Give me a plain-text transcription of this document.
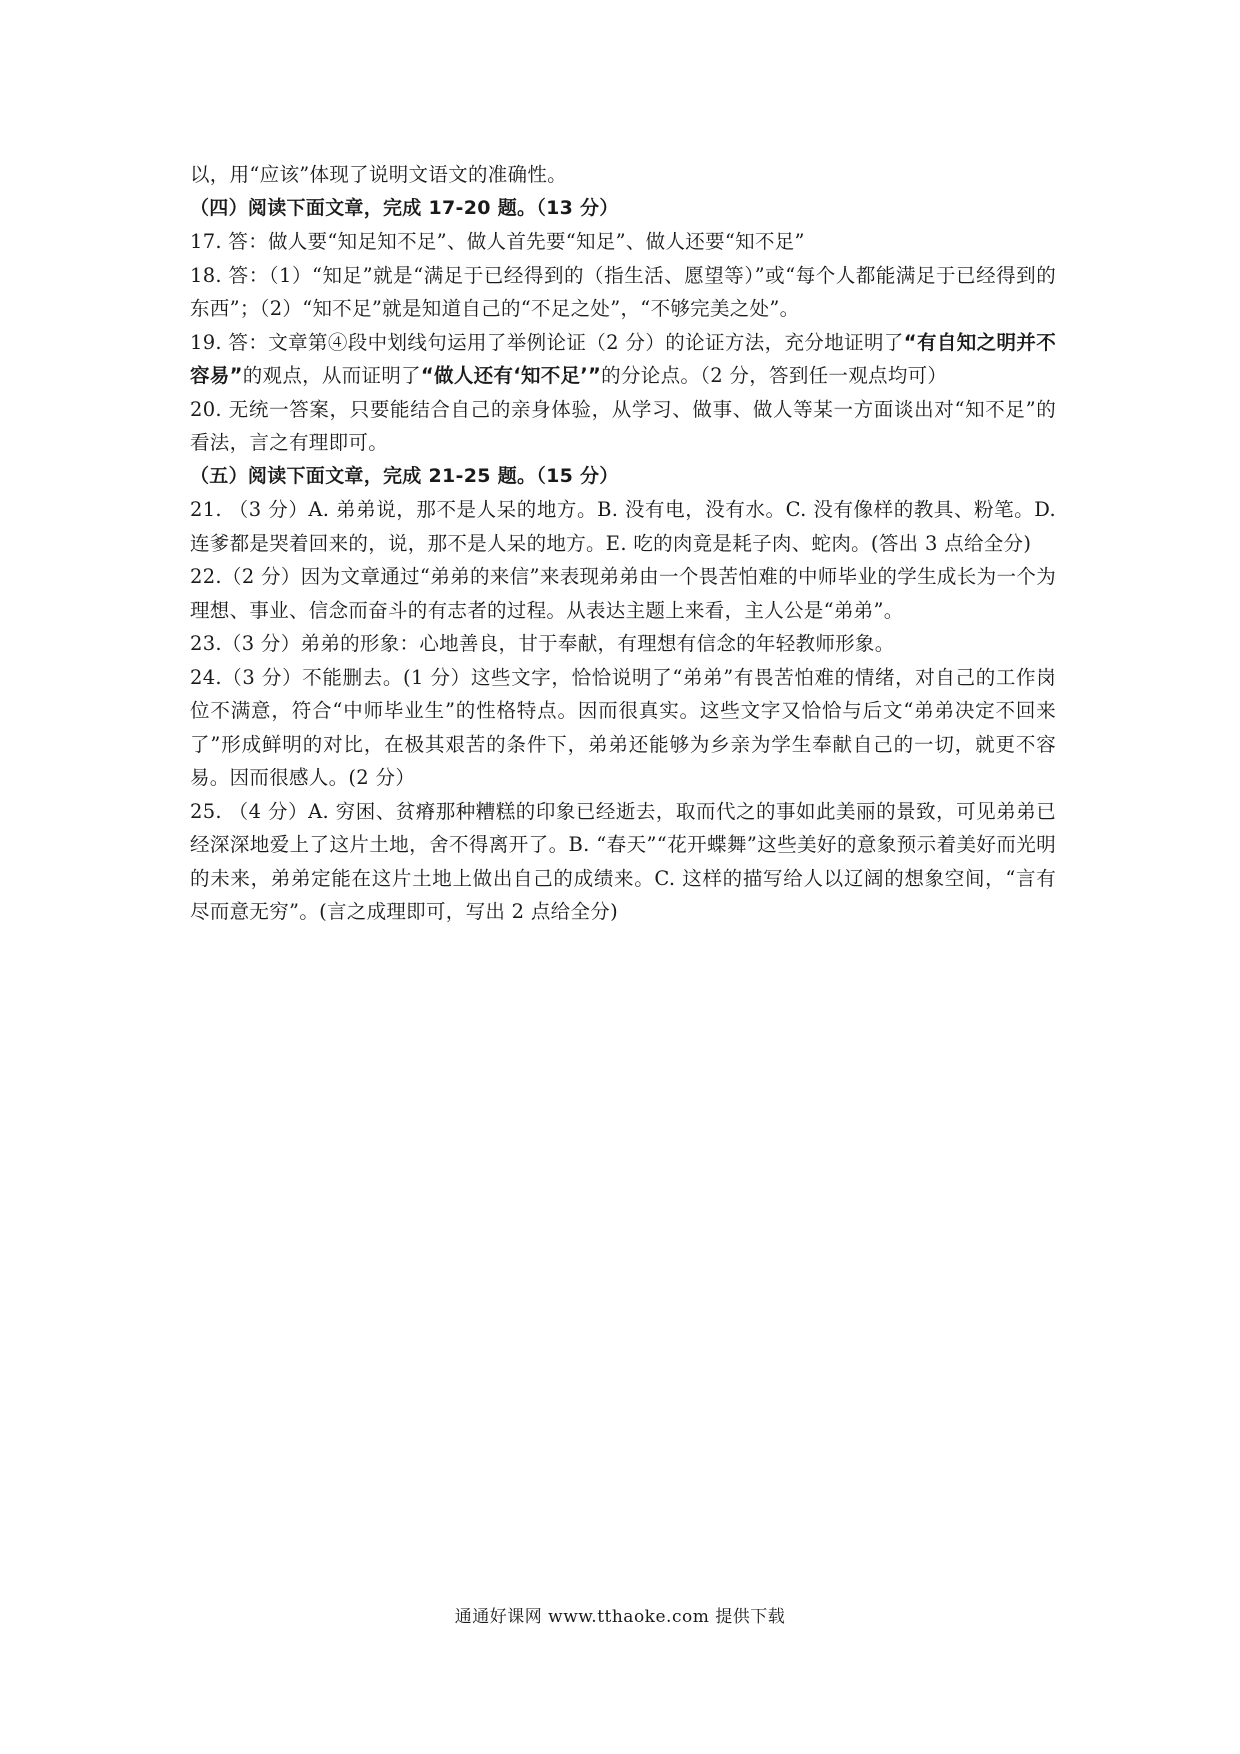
以，用“应该”体现了说明文语文的准确性。

（四）阅读下面文章，完成 17-20 题。（13 分）

17. 答：做人要“知足知不足”、做人首先要“知足”、做人还要“知不足”

18. 答：（1）“知足”就是“满足于已经得到的（指生活、愿望等）”或“每个人都能满足于已经得到的东西”；（2）“知不足”就是知道自己的“不足之处”，“不够完美之处”。

19. 答：文章第④段中划线句运用了举例论证（2 分）的论证方法，充分地证明了“有自知之明并不容易”的观点，从而证明了“做人还有‘知不足’”的分论点。（2 分，答到任一观点均可）

20. 无统一答案，只要能结合自己的亲身体验，从学习、做事、做人等某一方面谈出对“知不足”的看法，言之有理即可。

（五）阅读下面文章，完成 21-25 题。（15 分）

21. （3 分）A. 弟弟说，那不是人呆的地方。B. 没有电，没有水。C. 没有像样的教具、粉笔。D. 连爹都是哭着回来的，说，那不是人呆的地方。E. 吃的肉竟是耗子肉、蛇肉。(答出 3 点给全分)

22.（2 分）因为文章通过“弟弟的来信”来表现弟弟由一个畏苦怕难的中师毕业的学生成长为一个为理想、事业、信念而奋斗的有志者的过程。从表达主题上来看，主人公是“弟弟”。

23.（3 分）弟弟的形象：心地善良，甘于奉献，有理想有信念的年轻教师形象。

24.（3 分）不能删去。(1 分）这些文字，恰恰说明了“弟弟”有畏苦怕难的情绪，对自己的工作岗位不满意，符合“中师毕业生”的性格特点。因而很真实。这些文字又恰恰与后文“弟弟决定不回来了”形成鲜明的对比，在极其艰苦的条件下，弟弟还能够为乡亲为学生奉献自己的一切，就更不容易。因而很感人。(2 分）

25. （4 分）A. 穷困、贫瘠那种糟糕的印象已经逝去，取而代之的事如此美丽的景致，可见弟弟已经深深地爱上了这片土地，舍不得离开了。B. “春天”“花开蝶舞”这些美好的意象预示着美好而光明的未来，弟弟定能在这片土地上做出自己的成绩来。C. 这样的描写给人以辽阔的想象空间，“言有尽而意无穷”。(言之成理即可，写出 2 点给全分)

通通好课网 www.tthaoke.com 提供下载
